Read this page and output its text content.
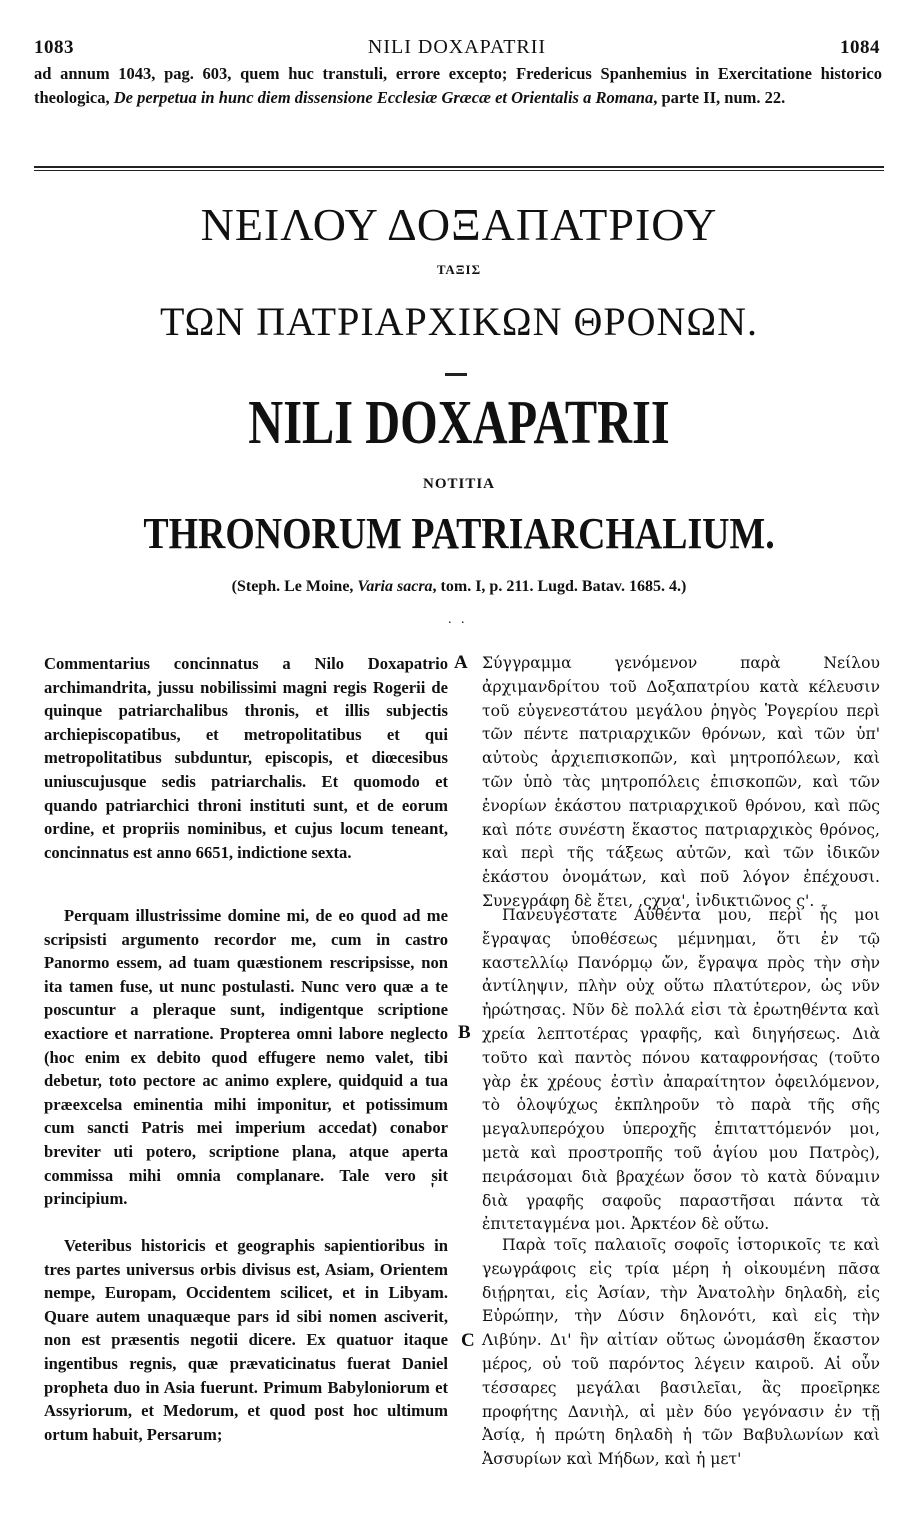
1083	NILI DOXAPATRII	1084
ad annum 1043, pag. 603, quem huc transtuli, errore excepto; Fredericus Spanhemius in Exercitatione historico theologica, De perpetua in hunc diem dissensione Ecclesiæ Græcæ et Orientalis a Romana, parte II, num. 22.
ΝΕΙΛΟΥ ΔΟΞΑΠΑΤΡΙΟΥ
ΤΑΞΙΣ
ΤΩΝ ΠΑΤΡΙΑΡΧΙΚΩΝ ΘΡΟΝΩΝ.
NILI DOXAPATRII
NOTITIA
THRONORUM PATRIARCHALIUM.
(Steph. Le Moine, Varia sacra, tom. I, p. 211. Lugd. Batav. 1685. 4.)
. .

Commentarius concinnatus a Nilo Doxapatrio archimandrita, jussu nobilissimi magni regis Rogerii de quinque patriarchalibus thronis, et illis subjectis archiepiscopatibus, et metropolitatibus et qui metropolitatibus subduntur, episcopis, et diœcesibus uniuscujusque sedis patriarchalis. Et quomodo et quando patriarchici throni instituti sunt, et de eorum ordine, et propriis nominibus, et cujus locum teneant, concinnatus est anno 6651, indictione sexta.

Perquam illustrissime domine mi, de eo quod ad me scripsisti argumento recordor me, cum in castro Panormo essem, ad tuam quæstionem rescripsisse, non ita tamen fuse, ut nunc postulasti. Nunc vero quæ a te poscuntur a pleraque sunt, indigentque scriptione exactiore et narratione. Propterea omni labore neglecto (hoc enim ex debito quod effugere nemo valet, tibi debetur, toto pectore ac animo explere, quidquid a tua præexcelsa eminentia mihi imponitur, et potissimum cum sancti Patris mei imperium accedat) conabor breviter uti potero, scriptione plana, atque aperta commissa mihi omnia complanare. Tale vero sit principium.

Veteribus historicis et geographis sapientioribus in tres partes universus orbis divisus est, Asiam, Orientem nempe, Europam, Occidentem scilicet, et in Libyam. Quare autem unaquæque pars id sibi nomen asciverit, non est præsentis negotii dicere. Ex quatuor itaque ingentibus regnis, quæ prævaticinatus fuerat Daniel propheta duo in Asia fuerunt. Primum Babyloniorum et Assyriorum, et Medorum, et quod post hoc ultimum ortum habuit, Persarum;

A
B
C
'

Σύγγραμμα γενόμενον παρὰ Νείλου ἀρχιμανδρίτου τοῦ Δοξαπατρίου κατὰ κέλευσιν τοῦ εὐγενεστάτου μεγάλου ῥηγὸς Ῥογερίου περὶ τῶν πέντε πατριαρχικῶν θρόνων, καὶ τῶν ὑπ' αὐτοὺς ἀρχιεπισκοπῶν, καὶ μητροπόλεων, καὶ τῶν ὑπὸ τὰς μητροπόλεις ἐπισκοπῶν, καὶ τῶν ἐνορίων ἑκάστου πατριαρχικοῦ θρόνου, καὶ πῶς καὶ πότε συνέστη ἕκαστος πατριαρχικὸς θρόνος, καὶ περὶ τῆς τάξεως αὐτῶν, καὶ τῶν ἰδικῶν ἑκάστου ὀνομάτων, καὶ ποῦ λόγον ἐπέχουσι. Συνεγράφη δὲ ἔτει, ,ςχνα', ἰνδικτιῶνος ς'.

Πανευγέστατε Αὐθέντα μου, περὶ ἧς μοι ἔγραψας ὑποθέσεως μέμνημαι, ὅτι ἐν τῷ καστελλίῳ Πανόρμῳ ὤν, ἔγραψα πρὸς τὴν σὴν ἀντίληψιν, πλὴν οὐχ οὕτω πλατύτερον, ὡς νῦν ἠρώτησας. Νῦν δὲ πολλά εἰσι τὰ ἐρωτηθέντα καὶ χρεία λεπτοτέρας γραφῆς, καὶ διηγήσεως. Διὰ τοῦτο καὶ παντὸς πόνου καταφρονήσας (τοῦτο γὰρ ἐκ χρέους ἐστὶν ἀπαραίτητον ὀφειλόμενον, τὸ ὁλοψύχως ἐκπληροῦν τὸ παρὰ τῆς σῆς μεγαλυπερόχου ὑπεροχῆς ἐπιταττόμενόν μοι, μετὰ καὶ προστροπῆς τοῦ ἁγίου μου Πατρὸς), πειράσομαι διὰ βραχέων ὅσον τὸ κατὰ δύναμιν διὰ γραφῆς σαφοῦς παραστῆσαι πάντα τὰ ἐπιτεταγμένα μοι. Ἀρκτέον δὲ οὕτω.

Παρὰ τοῖς παλαιοῖς σοφοῖς ἱστορικοῖς τε καὶ γεωγράφοις εἰς τρία μέρη ἡ οἰκουμένη πᾶσα διῄρηται, εἰς Ἀσίαν, τὴν Ἀνατολὴν δηλαδὴ, εἰς Εὐρώπην, τὴν Δύσιν δηλονότι, καὶ εἰς τὴν Λιβύην. Δι' ἣν αἰτίαν οὕτως ὠνομάσθη ἕκαστον μέρος, οὐ τοῦ παρόντος λέγειν καιροῦ. Αἱ οὖν τέσσαρες μεγάλαι βασιλεῖαι, ἃς προεῖρηκε προφήτης Δανιὴλ, αἱ μὲν δύο γεγόνασιν ἐν τῇ Ἀσίᾳ, ἡ πρώτη δηλαδὴ ἡ τῶν Βαβυλωνίων καὶ Ἀσσυρίων καὶ Μήδων, καὶ ἡ μετ'
